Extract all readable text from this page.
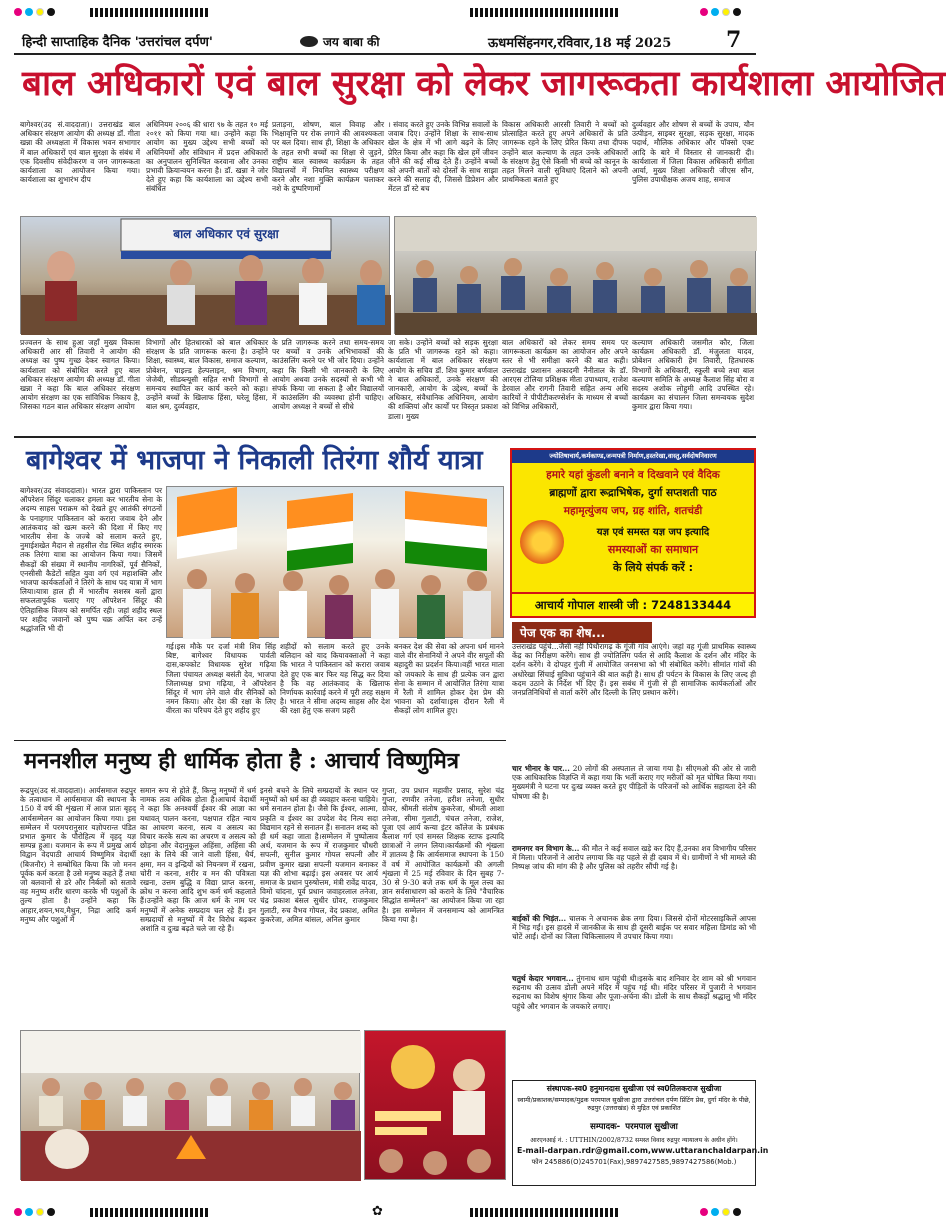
हिन्दी साप्ताहिक दैनिक 'उत्तरांचल दर्पण'	जय बाबा की	ऊधमसिंहनगर,रविवार,18 मई 2025 7
बाल अधिकारों एवं बाल सुरक्षा को लेकर जागरूकता कार्यशाला आयोजित
बागेश्वर(उद सं.वाददाता)। उत्तराखंड बाल अधिकार संरक्षण आयोग की अध्यक्ष डॉ. गीता खन्ना की अध्यक्षता में विकास भवन सभागार में बाल अधिकारों एवं बाल सुरक्षा के संबंध में एक दिवसीय संवेदीकरण व जन जागरूकता कार्यशाला का आयोजन किया गया। कार्यशाला का शुभारंभ दीप
अधिनियम २००६ की धारा ९७ के तहत १० मई २०११ को किया गया था। उन्होंने कहा कि आयोग का मुख्य उद्देश्य सभी बच्चों को अधिनियमों और संविधान में प्रदत्त अधिकारों का अनुपालन सुनिश्चित करवाना और उनका प्रभावी क्रियान्वयन करना है। डॉ. खन्ना ने जोर देते हुए कहा कि कार्यशाला का उद्देश्य सभी संबंधित
प्रताड़ना, शोषण, बाल विवाह और भिक्षावृत्ति पर रोक लगाने की आवश्यकता पर बल दिया। साथ ही, शिक्षा के अधिकार के तहत सभी बच्चों का शिक्षा से जुड़ने, राष्ट्रीय बाल स्वास्थ्य कार्यक्रम के तहत विद्यालयों में नियमित स्वास्थ्य परीक्षण करने और नशा मुक्ति कार्यक्रम चलाकर नशे के दुष्परिणामों
। संवाद करते हुए उनके विभिन्न सवालों के जवाब दिए। उन्होंने शिक्षा के साथ-साथ खेल के क्षेत्र में भी आगे बढ़ने के लिए प्रेरित किया और कहा कि खेल हमें जीवन जीने की कई सीख देते हैं। उन्होंने बच्चों को अपनी बातों को दोस्तों के साथ साझा करने की सलाह दी, जिससे डिप्रेशन और मेंटल डॉ स्टे बच
विकास अधिकारी आरसी तिवारी ने बच्चों को प्रोत्साहित करते हुए अपने अधिकारों के प्रति जागरूक रहने के लिए प्रेरित किया तथा दीपक उन्होंने बाल कल्याण के तहत उनके अधिकारों के संरक्षण हेतु ऐसे किसी भी बच्चे को कानून के तहत मिलने वाली सुविधाएं दिलाने को अपनी प्राथमिकता बताते हुए
दुर्व्यवहार और शोषण से बच्चों के उपाय, यौन उत्पीड़न, साइबर सुरक्षा, सड़क सुरक्षा, मादक पदार्थ, मौलिक अधिकार और पॉक्सो एक्ट आदि के बारे में विस्तार से जानकारी दी।कार्यशाला में जिला विकास अधिकारी संगीता आर्या, मुख्य शिक्षा अधिकारी जीएस सौन, पुलिस उपाधीक्षक अजय शाह, समाज
बाल अधिकार एवं सुरक्षा
प्रज्वलन के साथ हुआ जहाँ मुख्य विकास अधिकारी आर सी तिवारी ने आयोग की अध्यक्ष का पुष्प गुच्छ देकर स्वागत किया। कार्यशाला को संबोधित करते हुए बाल अधिकार संरक्षण आयोग की अध्यक्ष डॉ. गीता खन्ना ने कहा कि बाल अधिकार संरक्षण आयोग संरक्षण का एक सांविधिक निकाय है, जिसका गठन बाल अधिकार संरक्षण आयोग
विभागों और हितधारकों को बाल अधिकार संरक्षण के प्रति जागरूक करना है। उन्होंने शिक्षा, स्वास्थ्य, बाल विकास, समाज कल्याण, प्रोबेशन, चाइल्ड हेल्पलाइन, श्रम विभाग, जेजेबी, सीडब्ल्यूसी सहित सभी विभागों से समन्वय स्थापित कर कार्य करने को कहा। उन्होंने बच्चों के खिलाफ हिंसा, घरेलू हिंसा, बाल श्रम, दुर्व्यवहार,
के प्रति जागरूक करने तथा समय-समय पर बच्चों व उनके अभिभावकों की काउंसलिंग करने पर भी जोर दिया। उन्होंने कहा कि किसी भी जानकारी के लिए आयोग अथवा उनके सदस्यों से कभी भी संपर्क किया जा सकता है और विद्यालयों में काउंसलिंग की व्यवस्था होनी चाहिए।आयोग अध्यक्ष ने बच्चों से सीधे
जा सके। उन्होंने बच्चों को सड़क सुरक्षा के प्रति भी जागरूक रहने को कहा। कार्यशाला में बाल अधिकार संरक्षण आयोग के सचिव डॉ. शिव कुमार बर्णवाल ने बाल अधिकारों, उनके संरक्षण की जानकारी, आयोग के उद्देश्य, बच्चों के अधिकार, संवैधानिक अधिनियम, आयोग की शक्तियां और कार्यों पर विस्तृत प्रकाश डाला। मुख्य
बाल अधिकारों को लेकर समय समय पर जागरूकता कार्यक्रम का आयोजन और अपने स्तर से भी समीक्षा करने की बात कही। उत्तराखंड प्रशासन अकादमी नैनीताल के डॉ. आरएस टोलिया प्रशिक्षक मीता उपाध्याय, राजेश डेरवाल और रागनी तिवारी सहित अन्य अधि कारियों ने पीपीटीकरण्सेर्शन के माध्यम से बच्चों को विभिन्न अधिकारों,
कल्याण अधिकारी जसमीत कौर, जिला कार्यक्रम अधिकारी डॉ. मंजुलता यादव, प्रोबेशन अधिकारी हेम तिवारी, हितधारक विभागों के अधिकारी, स्कूली बच्चे तथा बाल कल्याण समिति के अध्यक्ष कैलाश सिंह बोरा व सदस्य अशोक लोहुमी आदि उपस्थित रहे। कार्यक्रम का संचालन जिला समन्वयक सुदेश कुमार द्वारा किया गया।
बागेश्वर में भाजपा ने निकाली तिरंगा शौर्य यात्रा
बागेश्वर(उद संवाददाता)। भारत द्वारा पाकिस्तान पर ऑपरेशन सिंदूर चलाकर हमला कर भारतीय सेना के अदम्य साहस पराक्रम को देखते हुए आतंकी संगठनों के पनाहगार पाकिस्तान को करारा जवाब देने और आतंकवाद को खत्म करने की दिशा में किए गए भारतीय सेना के जज्बे को सलाम करते हुए, नुमाईशखेत मैदान से तहसील रोड स्थित शहीद स्मारक तक तिरंगा यात्रा का आयोजन किया गया। जिसमें सैकड़ों की संख्या में स्थानीय नागरिकों, पूर्व सैनिकों, एनसीसी कैडेटों सहित युवा वर्ग एवं महाशक्ति और भाजपा कार्यकर्ताओं ने तिरंगे के साथ पद यात्रा में भाग लिया।यात्रा हाल ही में भारतीय सशस्त्र बलों द्वारा सफलतापूर्वक चलाए गए ऑपरेशन सिंदूर की ऐतिहासिक विजय को समर्पित रही। जहां शहीद स्थल पर शहीद जवानों को पुष्प चक्र अर्पित कर उन्हें श्रद्धांजलि भी दी
गई।इस मौके पर दर्जा मंत्री शिव सिंह बिष्ट, बागेश्वर विधायक पार्वती दास,कपकोट विधायक सुरेश गढ़िया जिला पंचायत अध्यक्ष बसंती देव, भाजपा जिलाध्यक्ष प्रभा गढ़िया, ने ऑपरेशन सिंदूर में भाग लेने वाले वीर सैनिकों को नमन किया। और देश की रक्षा के लिए वीरता का परिचय देते हुए शहीद हुए
शहीदों को सलाम करते हुए उनके बलिदान को याद कियावक्ताओं ने कहा कि भारत ने पाकिस्तान को करारा जवाब देते हुए एक बार फिर यह सिद्ध कर दिया है कि वह आतंकवाद के खिलाफ निर्णायक कार्रवाई करने में पूरी तरह सक्षम है। भारत ने सीमा अदम्य साहस और देश की रक्षा हेतु एक सजग प्रहरी
बनकर देश की सेवा को अपना धर्म मानने वाले वीर सेनानियों ने अपने वीर सपूतों की बहादुरी का प्रदर्शन किया।वहीं भारत माता को जयकारे के साथ ही प्रत्येक जन द्वारा सेना के सम्मान में आयोजित तिरंगा यात्रा में रैली में शामिल होकर देश प्रेम की भावना को दर्शाया।इस दौरान रैली में सैकड़ों लोग शामिल हुए।
ज्योतिषाचार्य,कर्मकाण्ड,जन्मपत्री निर्माण,हस्तरेखा,वास्तु,सर्वदोषनिवारण
हमारे यहां कुंडली बनाने व दिखवाने एवं वैदिक
ब्राह्मणों द्वारा रूद्राभिषेक, दुर्गा सप्तशती पाठ
महामृत्युंजय जप, ग्रह शांति, शतचंडी
यज्ञ एवं समस्त यज्ञ जप इत्यादि
समस्याओं का समाधान
के लिये संपर्क करें :
आचार्य गोपाल शास्त्री जी : 7248133444
पेज एक का शेष...
उत्तराखंड पहुंचे...जैसी नहीं पिथौरागढ़ के गूंजी गांव आएंगे। जहां वह गूंजी प्राथमिक स्वास्थ्य केंद्र का निरीक्षण करेंगे। साथ ही ज्योतिलिंग पर्वत से आदि कैलाश के दर्शन और मंदिर के दर्शन करेंगे। वे दोपहर गुंजी में आयोजित जनसभा को भी संबोधित करेंगे। सीमांत गांवों की अधोरेखा सिंचाई सुविधा पहुंचाने की बात कही है। साथ ही पर्यटन के विकास के लिए जल्द ही कदम उठाने के निर्देश भी दिए हैं। इस सबंध में गुंजी से ही सामाजिक कार्यकर्ताओं और जनप्रतिनिधियों से वार्ता करेंगे और दिल्ली के लिए प्रस्थान करेंगे।
चार भीनार के पार... 20 लोगों की अस्पताल ले जाया गया है। सीएमओ की ओर से जारी एक आधिकारिक विज्ञप्ति में कहा गया कि भर्ती कराए गए मरीजों को मृत घोषित किया गया। मुख्यमंत्री ने घटना पर दुःख व्यक्त करते हुए पीड़ितों के परिजनों को आर्थिक सहायता देने की घोषणा की है।
रामनगर वन विभाग के... की मौत ने कई सवाल खड़े कर दिए हैं,उनका शव विभागीय परिसर में मिला। परिजनों ने आरोप लगाया कि वह पहले से ही दबाव में थे। ग्रामीणों ने भी मामले की निष्पक्ष जांच की मांग की है और पुलिस को तहरीर सौंपी गई है।
बाईकों की भिड़ंत... चालक ने अचानक ब्रेक लगा दिया। जिससे दोनों मोटरसाइकिलें आपस में भिड़ गईं। इस हादसे में जानकीज के साथ ही दूसरी बाईक पर सवार महिला डिमांड को भी चोटें आईं। दोनों का जिला चिकित्सालय में उपचार किया गया।
चतुर्थ केदार भगवान... तुंगनाथ धाम पहुंची थी।इसके बाद शनिवार देर शाम को श्री भगवान रुद्रनाथ की उत्सव डोली अपने मंदिर में पहुंच गई थी। मंदिर परिसर में पुजारी ने भगवान रुद्रनाथ का विशेष श्रृंगार किया और पूजा-अर्चना की। डोली के साथ सैकड़ों श्रद्धालु भी मंदिर पहुंचे और भगवान के जयकारे लगाए।
मननशील मनुष्य ही धार्मिक होता है : आचार्य विष्णुमित्र
रूद्रपुर(उद सं.वाददाता)। आर्यसमाज रुद्रपुर के तत्वाधान में आर्यसमाज की स्थापना के 150 वें वर्ष की शृंखला में आज प्रातः बृहद् आर्यसम्मेलन का आयोजन किया गया। इस सम्मेलन में परमपरानुसार यज्ञोपरान्त पंडित प्रभात कुमार के पौरोहित्य में वृहद् यज्ञ सम्पन्न हुआ। यजमान के रूप में प्रमुख आर्य विद्वान वेदपाठी आचार्य विष्णुमित्र वेदार्थी (बिजनौर) ने सम्बोधित किया कि जो मनन पूर्वक कर्म करता है उसे मनुष्य कहते हैं तथा जो बलवानों से डरे और निर्बलों को सतावे वह मनुष्य शरीर धारण करके भी पशुओं के तुल्य होता है। उन्होंने कहा कि आहार,शयन,भय,मैथुन, निद्रा आदि कर्म मनुष्य और पशुओं में
समान रूप से होते हैं, किन्तु मनुष्यों में धर्म नामक तत्व अधिक होता है।आचार्य वेदार्थी ने कहा कि अनश्वर्यी ईश्वर की आज्ञा का यथावत् पालन करना, पक्षपात रहित न्याय का आचरण करना, सत्य व असत्य का विचार करके सत्य का अचरण व असत्य को छोड़ना और वेदानुकूल अहिंसा, अहिंसा की रक्षा के लिये की जाने वाली हिंसा, धैर्य, क्षमा, मन व इन्द्रियों को नियन्त्रण में रखना, चोरी न करना, शरीर व मन की पवित्रता रखना, उत्तम बुद्धि व विद्या प्राप्त करना, क्रोध न करना आदि शुभ कर्म धर्म कहलाते हैं।उन्होंने कहा कि आज धर्म के नाम पर मनुष्यों में अनेक सम्प्रदाय चल रहे हैं। इन सम्प्रदायों से मनुष्यों में वैर विरोध बढ़कर अशांति व दुःख बढ़ते चले जा रहे हैं।
इनसे बचने के लिये सम्प्रदायों के स्थान पर मनुष्यों को धर्म का ही व्यवहार करना चाहिये। धर्म सनातन होता है। जैसे कि ईश्वर, आत्मा, प्रकृति व ईश्वर का उपदेश वेद नित्य सदा विद्यमान रहने से सनातन हैं। सनातन शब्द को ही धर्म कहा जाता है।सम्मेलन में पुष्पोत्सव अर्थ, यजमान के रूप में राजकुमार चौधरी सपत्नी, सुनील कुमार गोयल सपत्नी और प्रवीण कुमार खन्ना सपत्नी यजमान बनाकर यज्ञ की शोभा बढ़ाई। इस अवसर पर आर्य समाज के प्रधान पुरुषोत्तम, मंत्री रावेंद्र यादव, विमो चांदना, पूर्व प्रधान जवाहरलाल तनेजा, चंद्र प्रकाश बंसल सुधीर ग्रोवर, राजकुमार गुलाटी, रुच वैभव गोयल, वेद प्रकाश, अमित कुकरेजा, अमित बांसल, अनिल कुमार
गुप्ता, उप प्रधान महावीर प्रसाद, सुरेश चंद्र गुप्ता, रणवीर तनेजा, हरीश तनेजा, सुधीर ग्रोवर, श्रीमती संतोष कुकरेजा, श्रीमती आशा तनेजा, सीमा गुलाटी, चंचल तनेजा, राजेश, पूजा एवं आर्य कन्या इंटर कॉलेज के प्रबंधक कैलाश गर्ग एवं समस्त शिक्षक स्टाफ इत्यादि छात्राओं ने लगन लिया।कार्यक्रमों की शृंखला में ज्ञातव्य है कि आर्यसमाज स्थापना के 150 वें वर्ष में आयोजित कार्यक्रमों की अगली शृंखला में 25 मई रविवार के दिन सुबह 7-30 से 9-30 बजे तक धर्म के मूल तत्त्व का ज्ञान सर्वसाधारण को कराने के लिये "वैचारिक सिद्धांत सम्मेलन" का आयोजन किया जा रहा है। इस सम्मेलन में जनसमान्य को आमन्त्रित किया गया है।
संस्थापक-स्व0 हनुमानदास सुखीजा एवं स्व0तिलकराज सुखीजा
स्वामी/प्रकाशक/सम्पादक/मुद्रक परमपाल सुखीजा द्वारा उत्तरांचल दर्पण प्रिंटिंग प्रेस, दुर्गा मंदिर के पीछे, रुद्रपुर (उत्तराखंड) से मुद्रित एवं प्रकाशित
सम्पादक- परमपाल सुखीजा
आरएनआई नं. : UTTHIN/2002/8732 समस्त विवाद रुद्रपुर न्यायालय के अधीन होंगे।
E-mail-darpan.rdr@gmail.com,www.uttaranchaldarpan.in
फोन 245886(O)245701(Fax),9897427585,9897427586(Mob.)
✿
